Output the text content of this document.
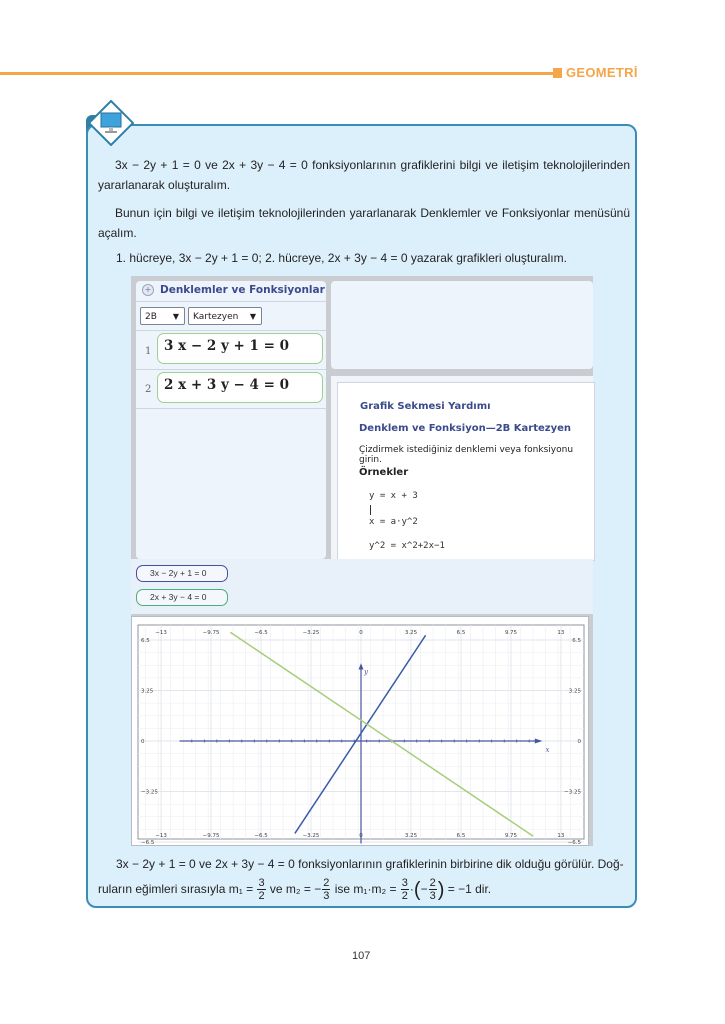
GEOMETRİ
3x − 2y + 1 = 0 ve 2x + 3y − 4 = 0 fonksiyonlarının grafiklerini bilgi ve iletişim teknolojilerinden yararlanarak oluşturalım.
Bunun için bilgi ve iletişim teknolojilerinden yararlanarak Denklemler ve Fonksiyonlar menüsünü açalım.
1. hücreye, 3x − 2y + 1 = 0; 2. hücreye, 2x + 3y − 4 = 0 yazarak grafikleri oluşturalım.
+ Denklemler ve Fonksiyonlar
2B ▼	Kartezyen ▼
1 3 x − 2 y + 1 = 0
2 2 x + 3 y − 4 = 0
Grafik Sekmesi Yardımı
Denklem ve Fonksiyon—2B Kartezyen
Çizdirmek istediğiniz denklemi veya fonksiyonu girin.
Örnekler
y = x + 3
x = a·y^2
y^2 = x^2+2x−1
3x − 2y + 1 = 0
2x + 3y − 4 = 0
x
y
−13
−13
−9.75
−9.75
−6.5
−6.5
−3.25
−3.25
0
0
3.25
3.25
6.5
6.5
9.75
9.75
13
13
6.5	6.5
3.25	3.25
0	0
−3.25	−3.25
−6.5	−6.5
3x − 2y + 1 = 0 ve 2x + 3y − 4 = 0 fonksiyonlarının grafiklerinin birbirine dik olduğu görülür. Doğ-
ruların eğimleri sırasıyla $m_1 = \frac{3}{2}$ ve m₂ = − $\frac{2}{3}$ ise $m_1\cdot m_2 = \frac{3}{2}$ ·(− $\frac{2}{3}$ ) = −1 dir.
107
